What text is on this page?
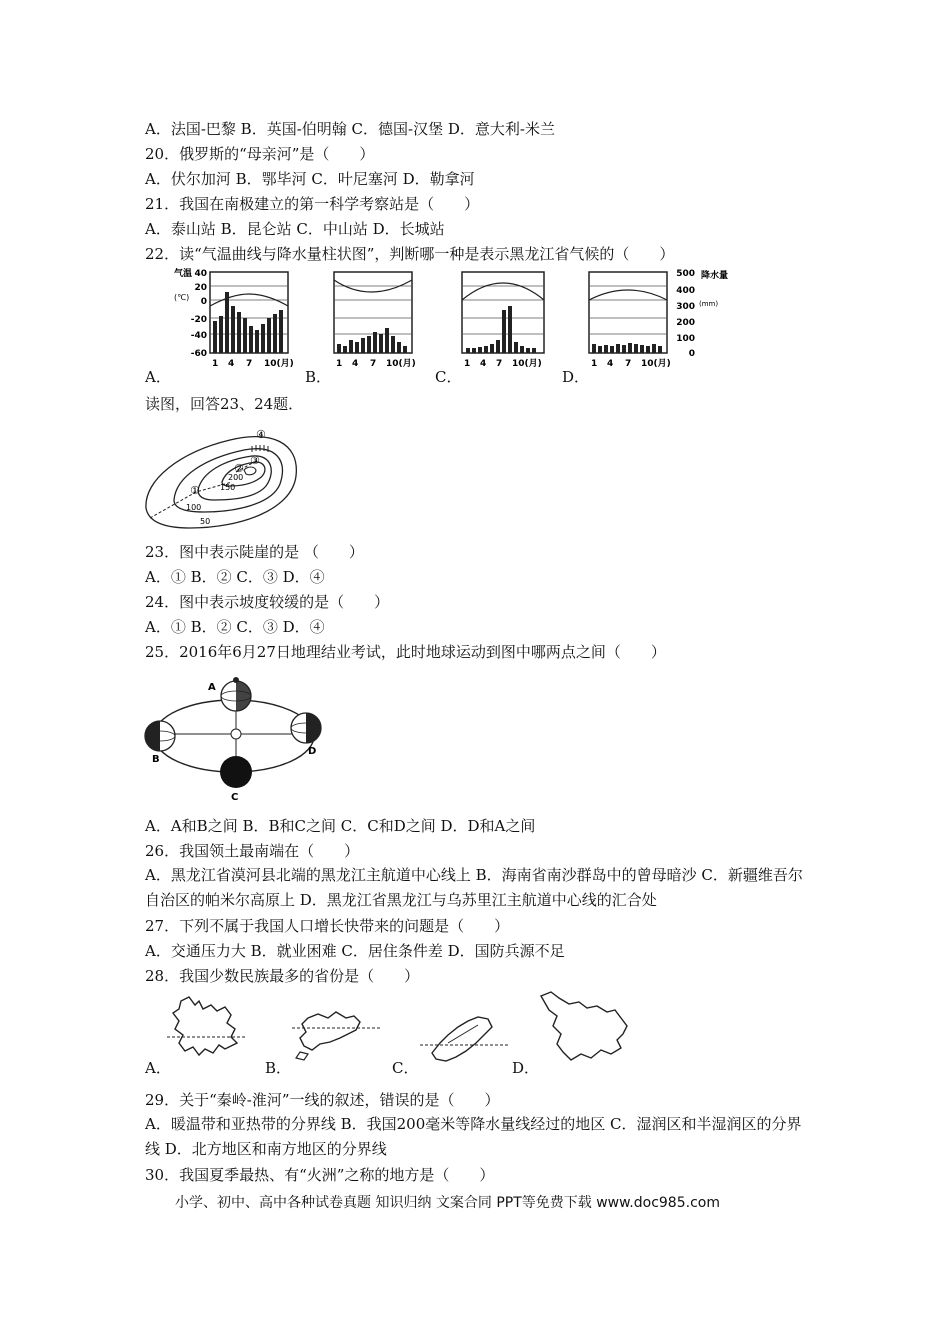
A．法国-巴黎 B．英国-伯明翰 C．德国-汉堡 D．意大利-米兰
20．俄罗斯的“母亲河”是（　　）
A．伏尔加河 B．鄂毕河 C．叶尼塞河 D．勒拿河
21．我国在南极建立的第一科学考察站是（　　）
A．泰山站 B．昆仑站 C．中山站 D．长城站
22．读“气温曲线与降水量柱状图”，判断哪一种是表示黑龙江省气候的（　　）
气温
(℃)
40
20
0
-20
-40
-60
1 4 7 10(月)	1 4 7 10(月)	1 4 7 10(月)
500
400
300
200
100
0
降水量
(mm)
1 4 7 10(月)
A．	B．	C．	D．
读图，回答23、24题．
50
100
150
200
①
②
③
④
23．图中表示陡崖的是 （　　）
A．① B．② C．③ D．④
24．图中表示坡度较缓的是（　　）
A．① B．② C．③ D．④
25．2016年6月27日地理结业考试，此时地球运动到图中哪两点之间（　　）
A
B
C
D
A．A和B之间 B．B和C之间 C．C和D之间 D．D和A之间
26．我国领土最南端在（　　）
A．黑龙江省漠河县北端的黑龙江主航道中心线上 B．海南省南沙群岛中的曾母暗沙 C．新疆维吾尔自治区的帕米尔高原上 D．黑龙江省黑龙江与乌苏里江主航道中心线的汇合处
27．下列不属于我国人口增长快带来的问题是（　　）
A．交通压力大 B．就业困难 C．居住条件差 D．国防兵源不足
28．我国少数民族最多的省份是（　　）
A．	B．	C．	D．
29．关于“秦岭-淮河”一线的叙述，错误的是（　　）
A．暖温带和亚热带的分界线 B．我国200毫米等降水量线经过的地区 C．湿润区和半湿润区的分界线 D．北方地区和南方地区的分界线
30．我国夏季最热、有“火洲”之称的地方是（　　）
小学、初中、高中各种试卷真题 知识归纳 文案合同 PPT等免费下载 www.doc985.com
